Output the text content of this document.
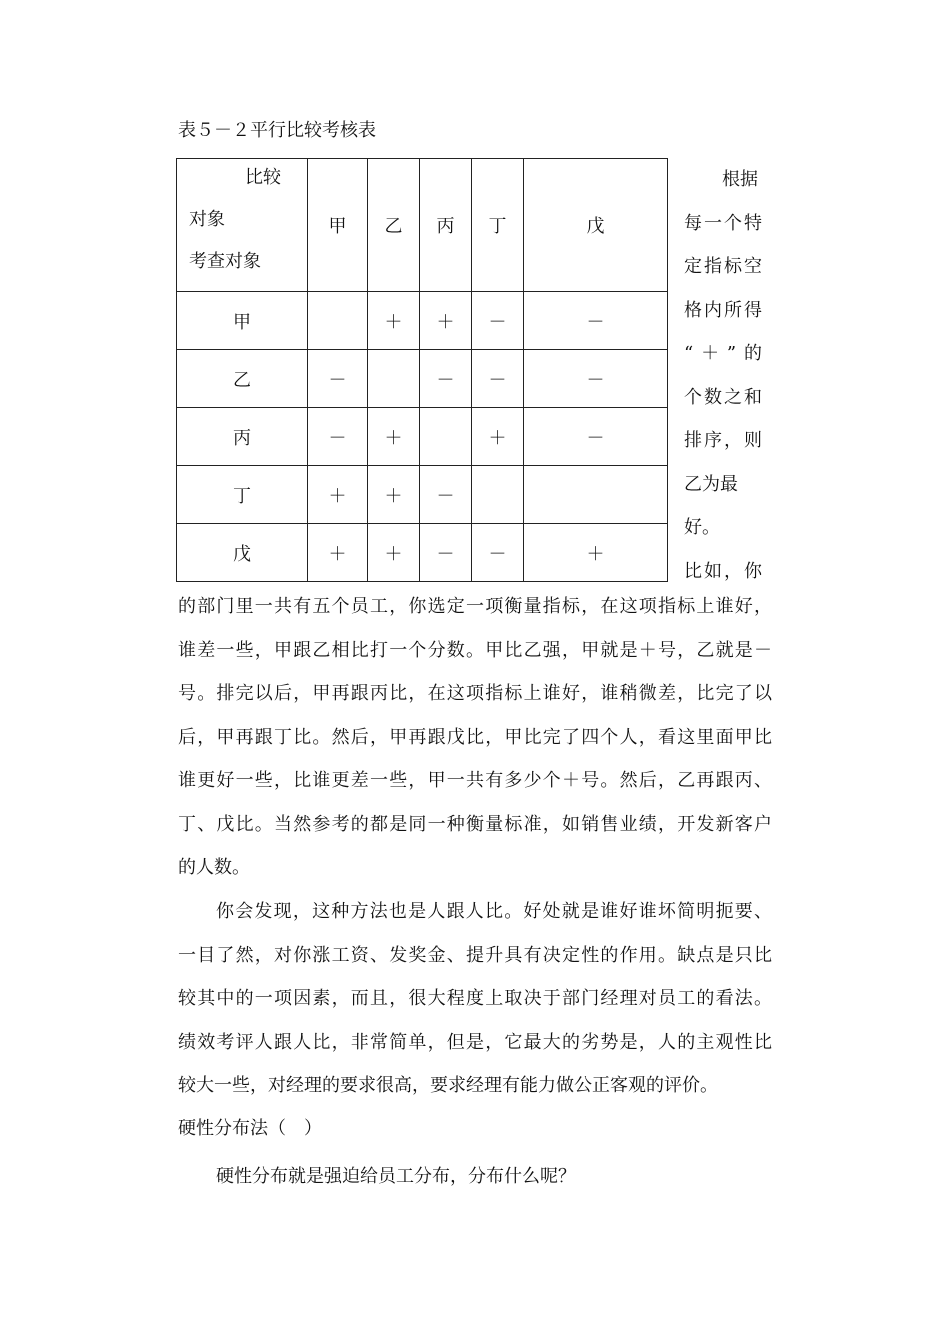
表５－２平行比较考核表
比较
对象
考查对象	甲	乙	丙	丁	戊
甲		＋	＋	－	－
乙	－		－	－	－
丙	－	＋		＋	－
丁	＋	＋	－		
戊	＋	＋	－	－	＋
根据
每一个特
定指标空
格内所得
“＋”的
个数之和
排序，则
乙为最
好。
比如，你
的部门里一共有五个员工，你选定一项衡量指标，在这项指标上谁好，
谁差一些，甲跟乙相比打一个分数。甲比乙强，甲就是＋号，乙就是－
号。排完以后，甲再跟丙比，在这项指标上谁好，谁稍微差，比完了以
后，甲再跟丁比。然后，甲再跟戊比，甲比完了四个人，看这里面甲比
谁更好一些，比谁更差一些，甲一共有多少个＋号。然后，乙再跟丙、
丁、戊比。当然参考的都是同一种衡量标准，如销售业绩，开发新客户
的人数。
你会发现，这种方法也是人跟人比。好处就是谁好谁坏简明扼要、
一目了然，对你涨工资、发奖金、提升具有决定性的作用。缺点是只比
较其中的一项因素，而且，很大程度上取决于部门经理对员工的看法。
绩效考评人跟人比，非常简单，但是，它最大的劣势是，人的主观性比
较大一些，对经理的要求很高，要求经理有能力做公正客观的评价。
硬性分布法（　）
硬性分布就是强迫给员工分布，分布什么呢？
